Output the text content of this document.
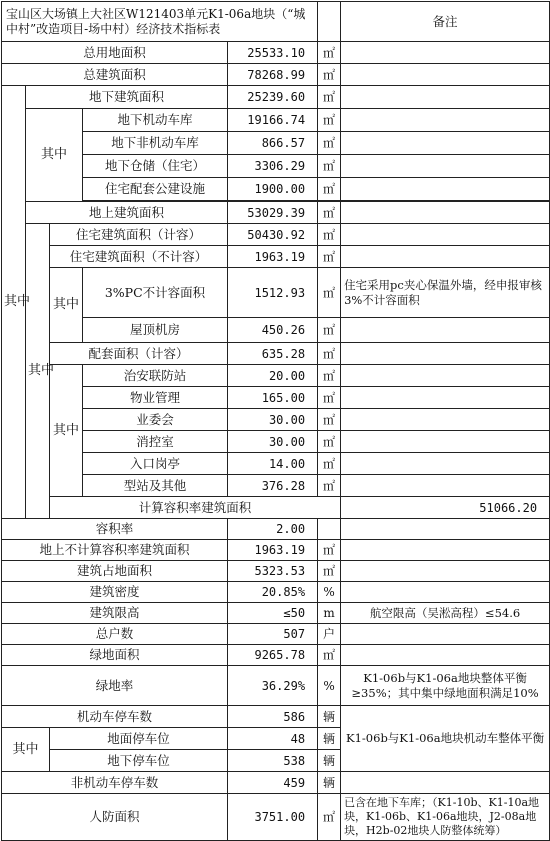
宝山区大场镇上大社区W121403单元K1-06a地块（“城中村”改造项目-场中村）经济技术指标表						备注	
总用地面积				25533.10	㎡		
总建筑面积				78268.99	㎡		
其中	地下建筑面积			25239.60	㎡		
	其中		地下机动车库	19166.74	㎡		
			地下非机动车库	866.57	㎡		
			地下仓储（住宅）	3306.29	㎡		
			住宅配套公建设施	1900.00	㎡		

	地上建筑面积			53029.39	㎡		
	其中	住宅建筑面积（计容）		50430.92	㎡		
		住宅建筑面积（不计容）		1963.19	㎡		
		其中	3%PC不计容面积	1512.93	㎡	住宅采用pc夹心保温外墙，经申报审核3%不计容面积	
			屋顶机房	450.26	㎡		
		配套面积（计容）		635.28	㎡		
		其中	治安联防站	20.00	㎡		
			物业管理	165.00	㎡		
			业委会	30.00	㎡		
			消控室	30.00	㎡		
			入口岗亭	14.00	㎡		
			型站及其他	376.28	㎡		
		计算容积率建筑面积				51066.20		
容积率				2.00			
地上不计算容积率建筑面积				1963.19	㎡		
建筑占地面积				5323.53	㎡		
建筑密度				20.85%	%		
建筑限高				≤50	m	航空限高（吴淞高程）≤54.6	
总户数				507	户		
绿地面积				9265.78	㎡		
绿地率				36.29%	%	K1-06b与K1-06a地块整体平衡≥35%；其中集中绿地面积满足10%	
机动车停车数				586	辆	K1-06b与K1-06a地块机动车整体平衡	
其中		地面停车位		48	辆		
		地下停车位		538	辆		
非机动车停车数				459	辆		
人防面积				3751.00	㎡	已含在地下车库；（K1-10b、K1-10a地块，K1-06b、K1-06a地块，J2-08a地块，H2b-02地块人防整体统筹）	
